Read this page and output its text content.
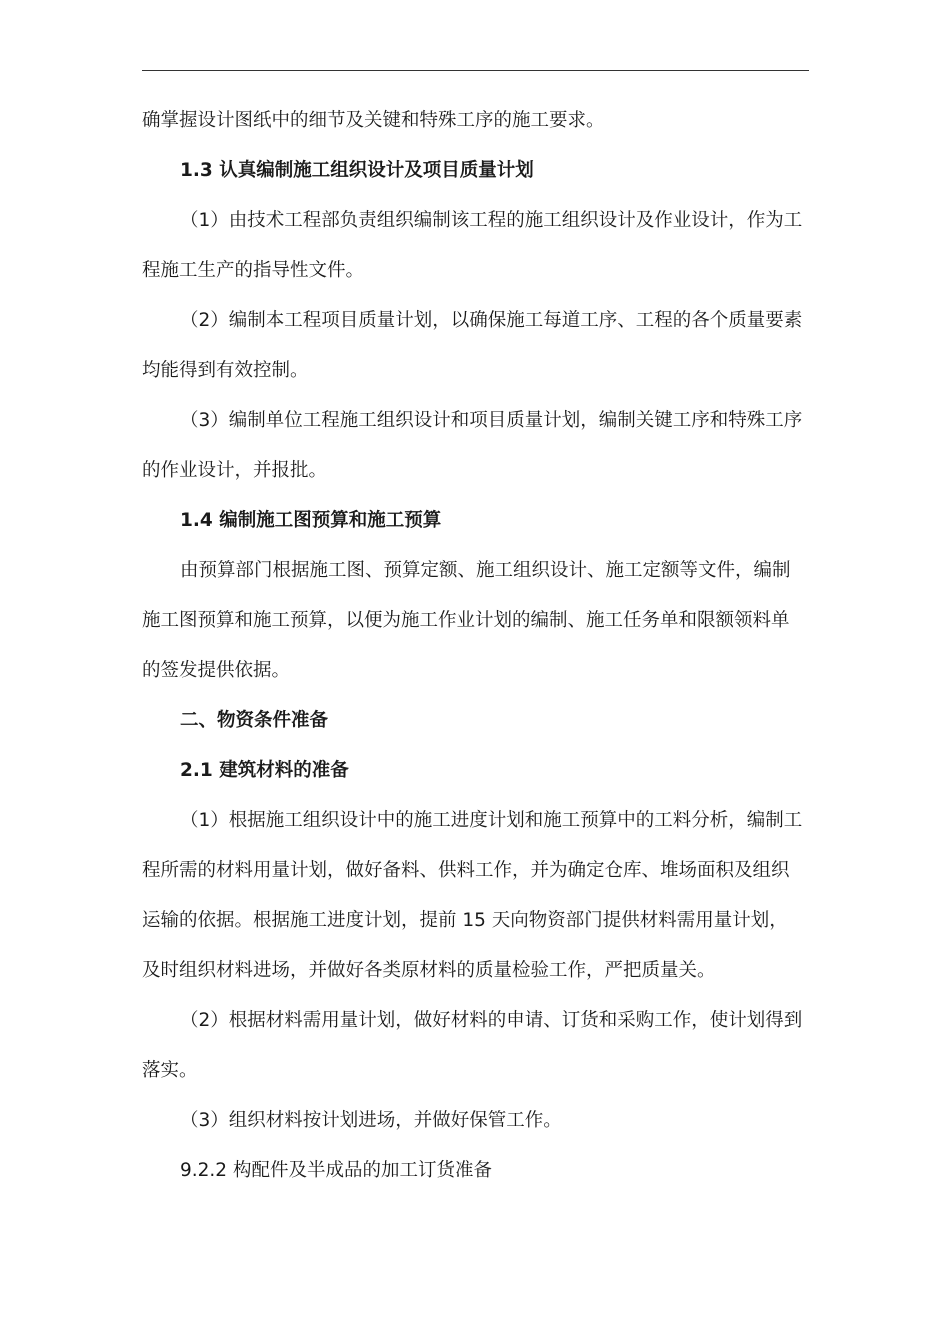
确掌握设计图纸中的细节及关键和特殊工序的施工要求。
1.3 认真编制施工组织设计及项目质量计划
（1）由技术工程部负责组织编制该工程的施工组织设计及作业设计，作为工
程施工生产的指导性文件。
（2）编制本工程项目质量计划，以确保施工每道工序、工程的各个质量要素
均能得到有效控制。
（3）编制单位工程施工组织设计和项目质量计划，编制关键工序和特殊工序
的作业设计，并报批。
1.4 编制施工图预算和施工预算
由预算部门根据施工图、预算定额、施工组织设计、施工定额等文件，编制
施工图预算和施工预算，以便为施工作业计划的编制、施工任务单和限额领料单
的签发提供依据。
二、物资条件准备
2.1 建筑材料的准备
（1）根据施工组织设计中的施工进度计划和施工预算中的工料分析，编制工
程所需的材料用量计划，做好备料、供料工作，并为确定仓库、堆场面积及组织
运输的依据。根据施工进度计划，提前 15 天向物资部门提供材料需用量计划，
及时组织材料进场，并做好各类原材料的质量检验工作，严把质量关。
（2）根据材料需用量计划，做好材料的申请、订货和采购工作，使计划得到
落实。
（3）组织材料按计划进场，并做好保管工作。
9.2.2 构配件及半成品的加工订货准备
